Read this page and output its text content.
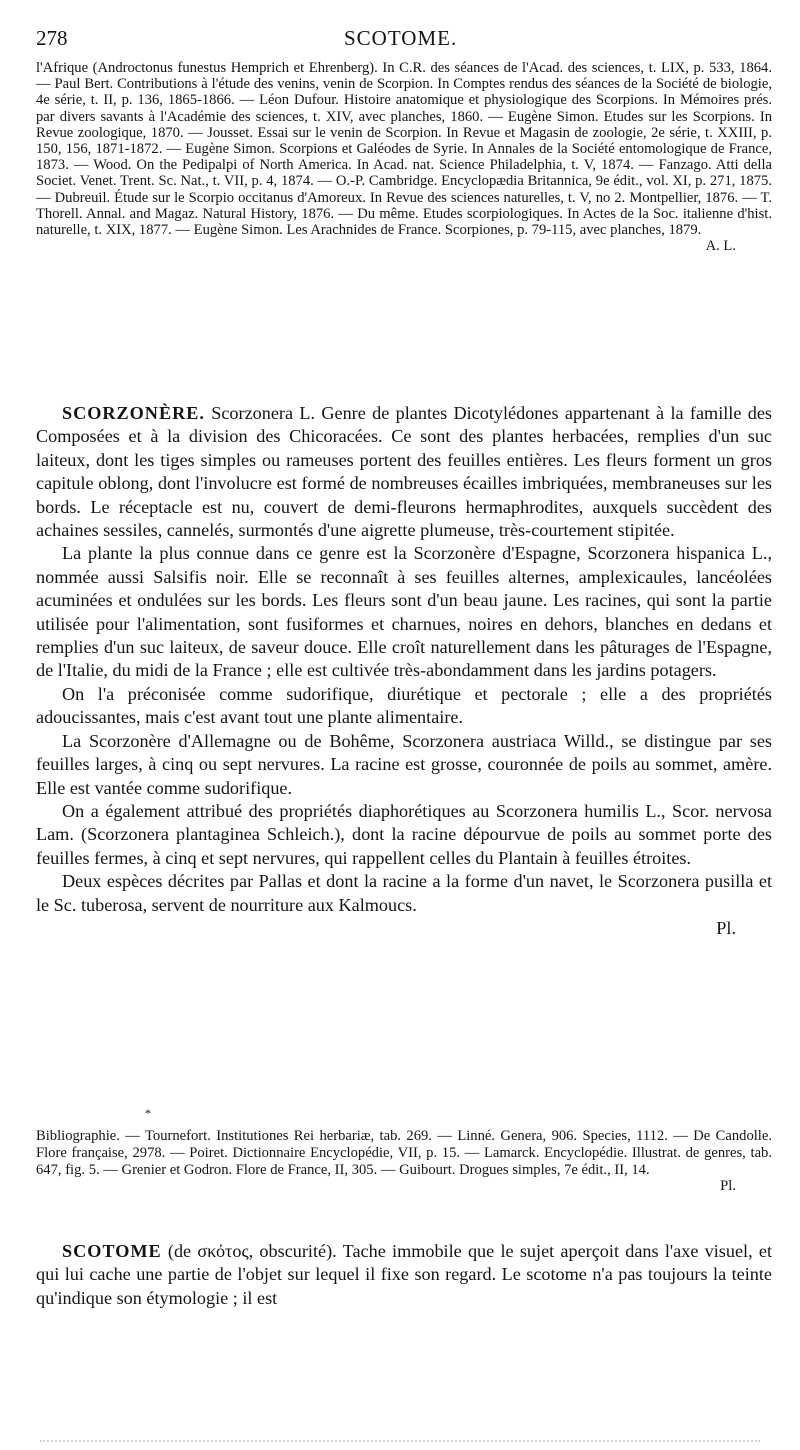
278	SCOTOME.
l'Afrique (Androctonus funestus Hemprich et Ehrenberg). In C.R. des séances de l'Acad. des sciences, t. LIX, p. 533, 1864. — Paul Bert. Contributions à l'étude des venins, venin de Scorpion. In Comptes rendus des séances de la Société de biologie, 4e série, t. II, p. 136, 1865-1866. — Léon Dufour. Histoire anatomique et physiologique des Scorpions. In Mémoires prés. par divers savants à l'Académie des sciences, t. XIV, avec planches, 1860. — Eugène Simon. Etudes sur les Scorpions. In Revue zoologique, 1870. — Jousset. Essai sur le venin de Scorpion. In Revue et Magasin de zoologie, 2e série, t. XXIII, p. 150, 156, 1871-1872. — Eugène Simon. Scorpions et Galéodes de Syrie. In Annales de la Société entomologique de France, 1873. — Wood. On the Pedipalpi of North America. In Acad. nat. Science Philadelphia, t. V, 1874. — Fanzago. Atti della Societ. Venet. Trent. Sc. Nat., t. VII, p. 4, 1874. — O.-P. Cambridge. Encyclopædia Britannica, 9e édit., vol. XI, p. 271, 1875. — Dubreuil. Étude sur le Scorpio occitanus d'Amoreux. In Revue des sciences naturelles, t. V, no 2. Montpellier, 1876. — T. Thorell. Annal. and Magaz. Natural History, 1876. — Du même. Etudes scorpiologiques. In Actes de la Soc. italienne d'hist. naturelle, t. XIX, 1877. — Eugène Simon. Les Arachnides de France. Scorpiones, p. 79-115, avec planches, 1879.
A. L.

SCORZONÈRE. Scorzonera L. Genre de plantes Dicotylédones appartenant à la famille des Composées et à la division des Chicoracées. Ce sont des plantes herbacées, remplies d'un suc laiteux, dont les tiges simples ou rameuses portent des feuilles entières. Les fleurs forment un gros capitule oblong, dont l'involucre est formé de nombreuses écailles imbriquées, membraneuses sur les bords. Le réceptacle est nu, couvert de demi-fleurons hermaphrodites, auxquels succèdent des achaines sessiles, cannelés, surmontés d'une aigrette plumeuse, très-courtement stipitée.

La plante la plus connue dans ce genre est la Scorzonère d'Espagne, Scorzonera hispanica L., nommée aussi Salsifis noir. Elle se reconnaît à ses feuilles alternes, amplexicaules, lancéolées acuminées et ondulées sur les bords. Les fleurs sont d'un beau jaune. Les racines, qui sont la partie utilisée pour l'alimentation, sont fusiformes et charnues, noires en dehors, blanches en dedans et remplies d'un suc laiteux, de saveur douce. Elle croît naturellement dans les pâturages de l'Espagne, de l'Italie, du midi de la France ; elle est cultivée très-abondamment dans les jardins potagers.

On l'a préconisée comme sudorifique, diurétique et pectorale ; elle a des propriétés adoucissantes, mais c'est avant tout une plante alimentaire.

La Scorzonère d'Allemagne ou de Bohême, Scorzonera austriaca Willd., se distingue par ses feuilles larges, à cinq ou sept nervures. La racine est grosse, couronnée de poils au sommet, amère. Elle est vantée comme sudorifique.

On a également attribué des propriétés diaphorétiques au Scorzonera humilis L., Scor. nervosa Lam. (Scorzonera plantaginea Schleich.), dont la racine dépourvue de poils au sommet porte des feuilles fermes, à cinq et sept nervures, qui rappellent celles du Plantain à feuilles étroites.

Deux espèces décrites par Pallas et dont la racine a la forme d'un navet, le Scorzonera pusilla et le Sc. tuberosa, servent de nourriture aux Kalmoucs.

Pl.
*
Bibliographie. — Tournefort. Institutiones Rei herbariæ, tab. 269. — Linné. Genera, 906. Species, 1112. — De Candolle. Flore française, 2978. — Poiret. Dictionnaire Encyclopédie, VII, p. 15. — Lamarck. Encyclopédie. Illustrat. de genres, tab. 647, fig. 5. — Grenier et Godron. Flore de France, II, 305. — Guibourt. Drogues simples, 7e édit., II, 14.
Pl.
SCOTOME (de σκότος, obscurité). Tache immobile que le sujet aperçoit dans l'axe visuel, et qui lui cache une partie de l'objet sur lequel il fixe son regard. Le scotome n'a pas toujours la teinte qu'indique son étymologie ; il est
